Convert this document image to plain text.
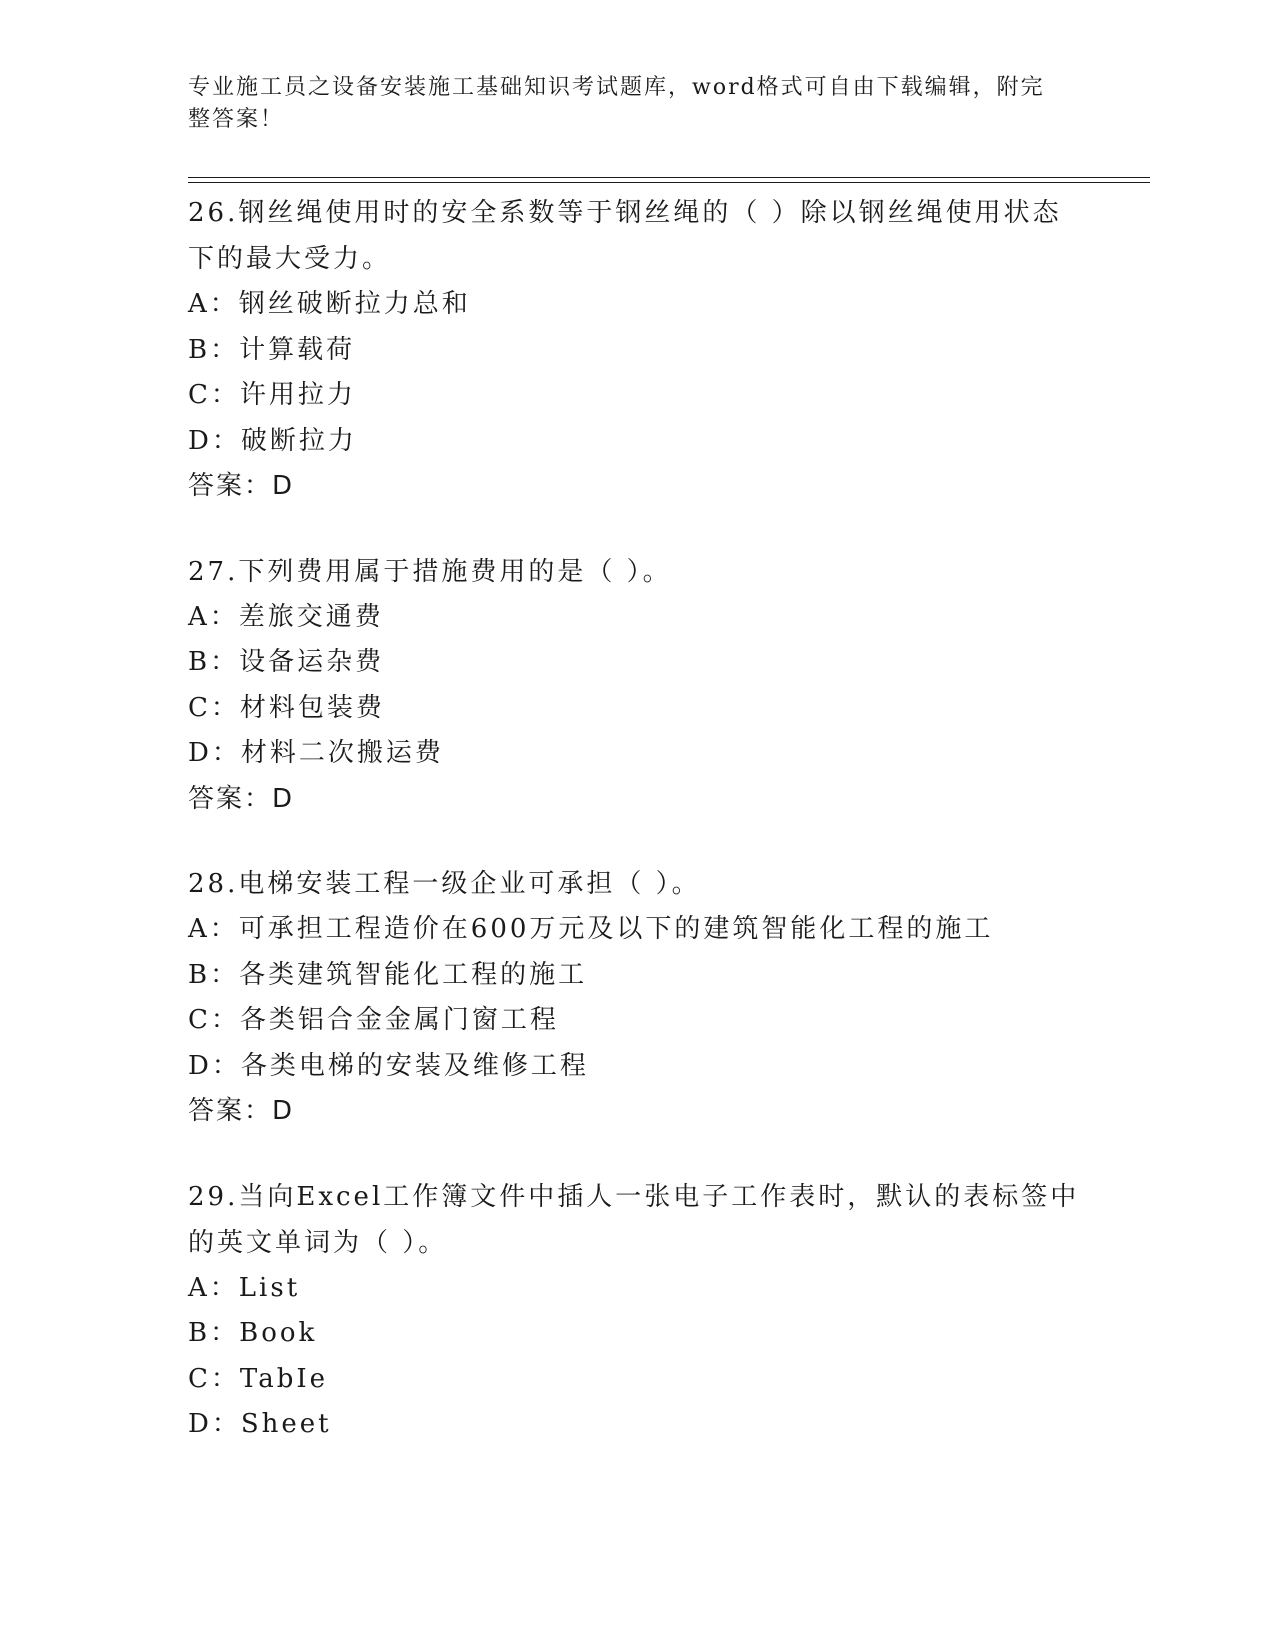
专业施工员之设备安装施工基础知识考试题库，word格式可自由下载编辑，附完整答案！
26.钢丝绳使用时的安全系数等于钢丝绳的（ ）除以钢丝绳使用状态下的最大受力。
A：钢丝破断拉力总和
B：计算载荷
C：许用拉力
D：破断拉力
答案：D
27.下列费用属于措施费用的是（ ）。
A：差旅交通费
B：设备运杂费
C：材料包装费
D：材料二次搬运费
答案：D
28.电梯安装工程一级企业可承担（ ）。
A：可承担工程造价在600万元及以下的建筑智能化工程的施工
B：各类建筑智能化工程的施工
C：各类铝合金金属门窗工程
D：各类电梯的安装及维修工程
答案：D
29.当向Excel工作簿文件中插人一张电子工作表时，默认的表标签中的英文单词为（ ）。
A：List
B：Book
C：TabIe
D：Sheet
